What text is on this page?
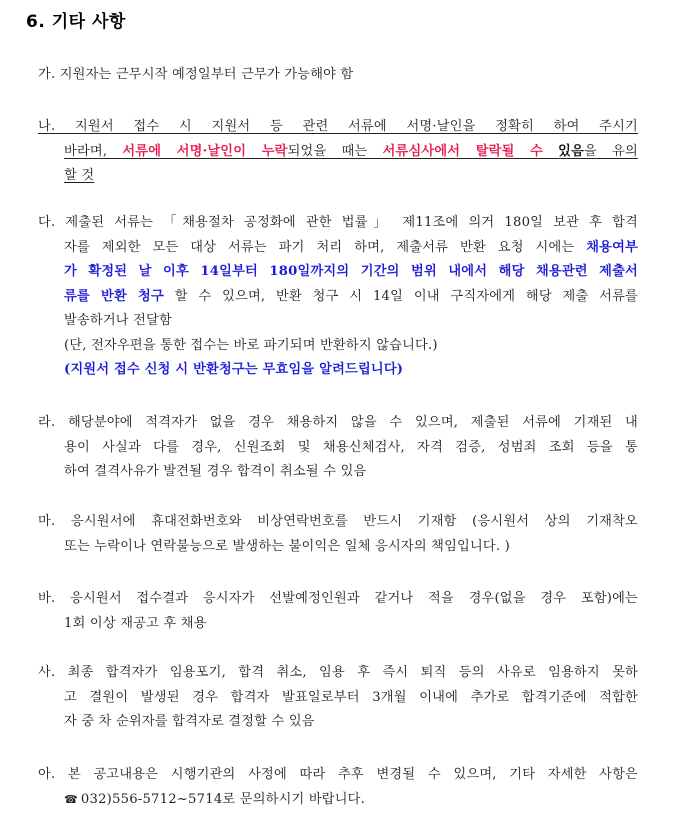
6. 기타 사항
가. 지원자는 근무시작 예정일부터 근무가 가능해야 함
나. 지원서 접수 시 지원서 등 관련 서류에 서명·날인을 정확히 하여 주시기
바라며, 서류에 서명·날인이 누락되었을 때는 서류심사에서 탈락될 수 있음을 유의
할 것
다. 제출된 서류는 「채용절차 공정화에 관한 법률」 제11조에 의거 180일 보관 후 합격
자를 제외한 모든 대상 서류는 파기 처리 하며, 제출서류 반환 요청 시에는 채용여부
가 확정된 날 이후 14일부터 180일까지의 기간의 범위 내에서 해당 채용관련 제출서
류를 반환 청구 할 수 있으며, 반환 청구 시 14일 이내 구직자에게 해당 제출 서류를
발송하거나 전달함
(단, 전자우편을 통한 접수는 바로 파기되며 반환하지 않습니다.)
(지원서 접수 신청 시 반환청구는 무효임을 알려드립니다)
라. 해당분야에 적격자가 없을 경우 채용하지 않을 수 있으며, 제출된 서류에 기재된 내
용이 사실과 다를 경우, 신원조회 및 채용신체검사, 자격 검증, 성범죄 조회 등을 통
하여 결격사유가 발견될 경우 합격이 취소될 수 있음
마. 응시원서에 휴대전화번호와 비상연락번호를 반드시 기재함 (응시원서 상의 기재착오
또는 누락이나 연락불능으로 발생하는 불이익은 일체 응시자의 책임입니다. )
바. 응시원서 접수결과 응시자가 선발예정인원과 같거나 적을 경우(없을 경우 포함)에는
1회 이상 재공고 후 채용
사. 최종 합격자가 임용포기, 합격 취소, 임용 후 즉시 퇴직 등의 사유로 임용하지 못하
고 결원이 발생된 경우 합격자 발표일로부터 3개월 이내에 추가로 합격기준에 적합한
자 중 차 순위자를 합격자로 결정할 수 있음
아. 본 공고내용은 시행기관의 사정에 따라 추후 변경될 수 있으며, 기타 자세한 사항은
☎ 032)556-5712~5714로 문의하시기 바랍니다.
